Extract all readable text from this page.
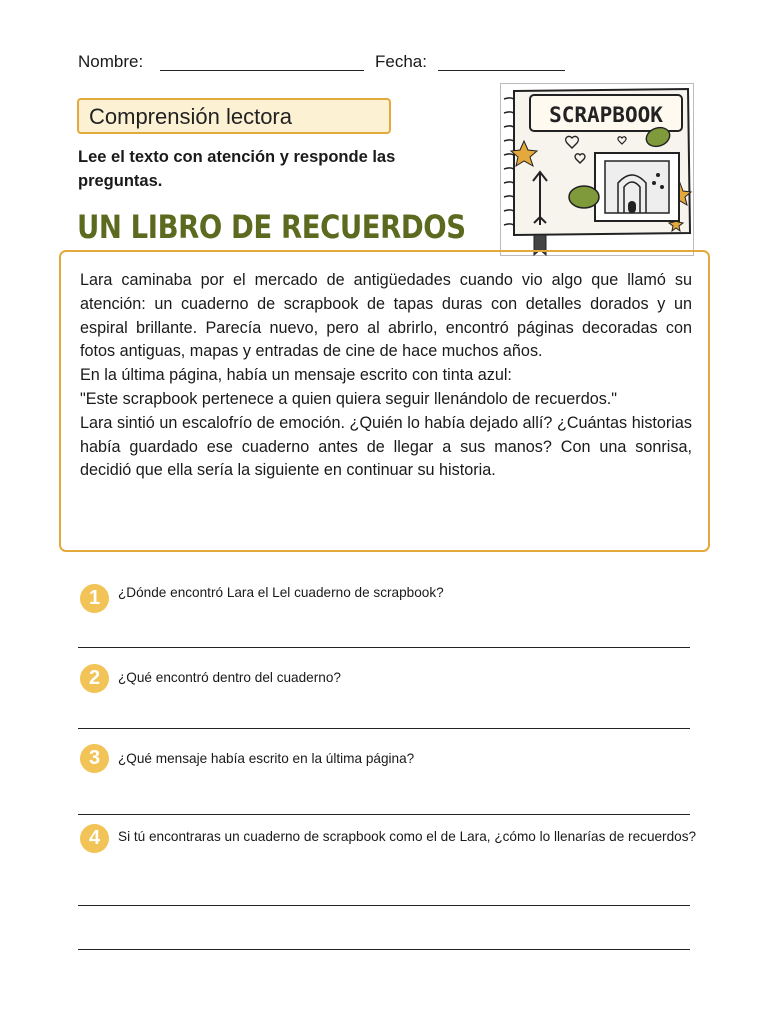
Nombre:	Fecha:
Comprensión lectora
Lee el texto con atención y responde las preguntas.
UN LIBRO DE RECUERDOS
SCRAPBOOK

Lara caminaba por el mercado de antigüedades cuando vio algo que llamó su atención: un cuaderno de scrapbook de tapas duras con detalles dorados y un espiral brillante. Parecía nuevo, pero al abrirlo, encontró páginas decoradas con fotos antiguas, mapas y entradas de cine de hace muchos años.

En la última página, había un mensaje escrito con tinta azul:

"Este scrapbook pertenece a quien quiera seguir llenándolo de recuerdos."

Lara sintió un escalofrío de emoción. ¿Quién lo había dejado allí? ¿Cuántas historias había guardado ese cuaderno antes de llegar a sus manos? Con una sonrisa, decidió que ella sería la siguiente en continuar su historia.

1	¿Dónde encontró Lara el Lel cuaderno de scrapbook?
2	¿Qué encontró dentro del cuaderno?
3	¿Qué mensaje había escrito en la última página?
4	Si tú encontraras un cuaderno de scrapbook como el de Lara, ¿cómo lo llenarías de recuerdos?
